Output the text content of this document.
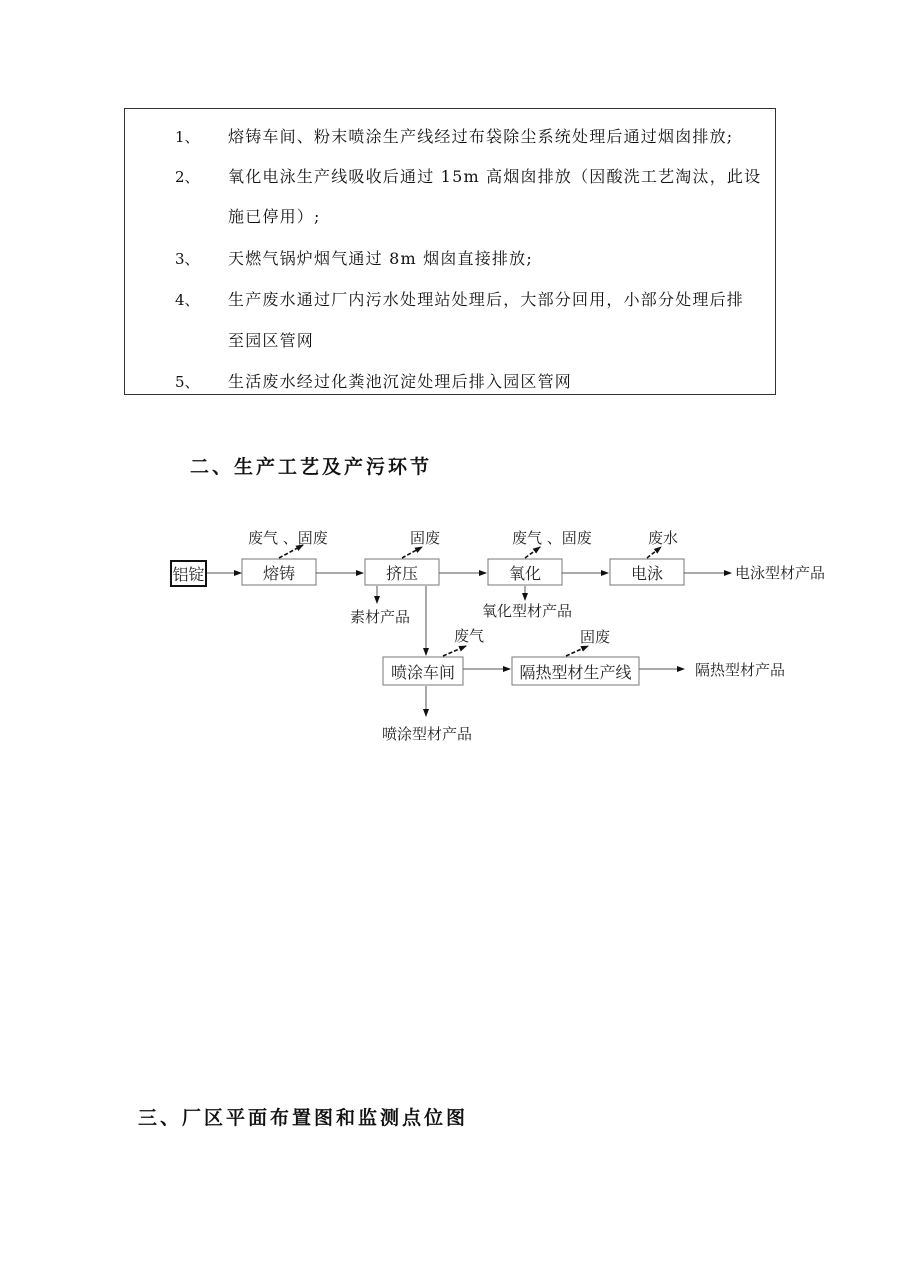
1、 熔铸车间、粉末喷涂生产线经过布袋除尘系统处理后通过烟囱排放;
2、 氧化电泳生产线吸收后通过 15m 高烟囱排放（因酸洗工艺淘汰，此设
施已停用）;
3、 天燃气锅炉烟气通过 8m 烟囱直接排放;
4、 生产废水通过厂内污水处理站处理后，大部分回用，小部分处理后排
至园区管网
5、 生活废水经过化粪池沉淀处理后排入园区管网
二、生产工艺及产污环节
铝锭	熔铸
废气 、固废
挤压
固废
素材产品
氧化
废气 、固废
氧化型材产品
电泳
废水
电泳型材产品
喷涂车间
废气
喷涂型材产品
隔热型材生产线
固废
隔热型材产品
三、厂区平面布置图和监测点位图
